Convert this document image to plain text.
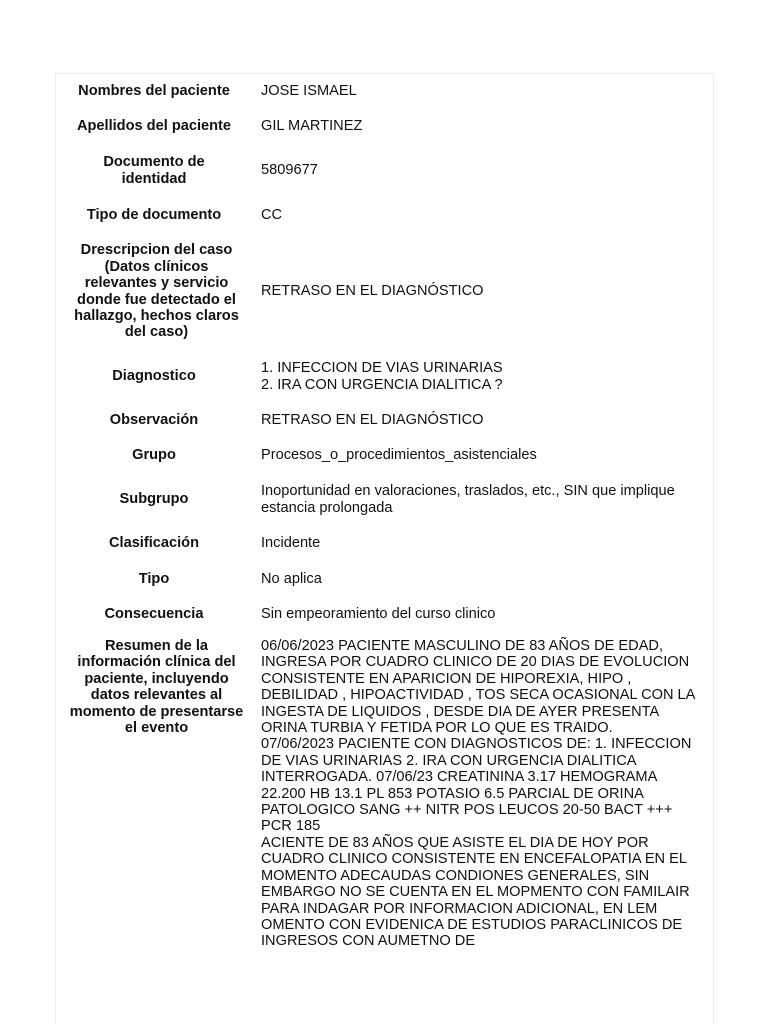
Nombres del paciente	JOSE ISMAEL
Apellidos del paciente	GIL MARTINEZ
Documento de identidad	5809677
Tipo de documento	CC
Drescripcion del caso (Datos clínicos relevantes y servicio donde fue detectado el hallazgo, hechos claros del caso)	RETRASO EN EL DIAGNÓSTICO
Diagnostico	1. INFECCION DE VIAS URINARIAS
2. IRA CON URGENCIA DIALITICA ?

Observación	RETRASO EN EL DIAGNÓSTICO
Grupo	Procesos_o_procedimientos_asistenciales
Subgrupo	Inoportunidad en valoraciones, traslados, etc., SIN que implique estancia prolongada
Clasificación	Incidente
Tipo	No aplica
Consecuencia	Sin empeoramiento del curso clinico
Resumen de la información clínica del paciente, incluyendo datos relevantes al momento de presentarse el evento	06/06/2023 PACIENTE MASCULINO DE 83 AÑOS DE EDAD, INGRESA POR CUADRO CLINICO DE 20 DIAS DE EVOLUCION CONSISTENTE EN APARICION DE HIPOREXIA, HIPO , DEBILIDAD , HIPOACTIVIDAD , TOS SECA OCASIONAL CON LA INGESTA DE LIQUIDOS , DESDE DIA DE AYER PRESENTA ORINA TURBIA Y FETIDA POR LO QUE ES TRAIDO.
07/06/2023 PACIENTE CON DIAGNOSTICOS DE: 1. INFECCION DE VIAS URINARIAS 2. IRA CON URGENCIA DIALITICA INTERROGADA. 07/06/23 CREATININA 3.17 HEMOGRAMA 22.200 HB 13.1 PL 853 POTASIO 6.5 PARCIAL DE ORINA PATOLOGICO SANG ++ NITR POS LEUCOS 20-50 BACT +++ PCR 185
ACIENTE DE 83 AÑOS QUE ASISTE EL DIA DE HOY POR CUADRO CLINICO CONSISTENTE EN ENCEFALOPATIA EN EL MOMENTO ADECAUDAS CONDIONES GENERALES, SIN EMBARGO NO SE CUENTA EN EL MOPMENTO CON FAMILAIR PARA INDAGAR POR INFORMACION ADICIONAL, EN LEM OMENTO CON EVIDENICA DE ESTUDIOS PARACLINICOS DE INGRESOS CON AUMETNO DE
